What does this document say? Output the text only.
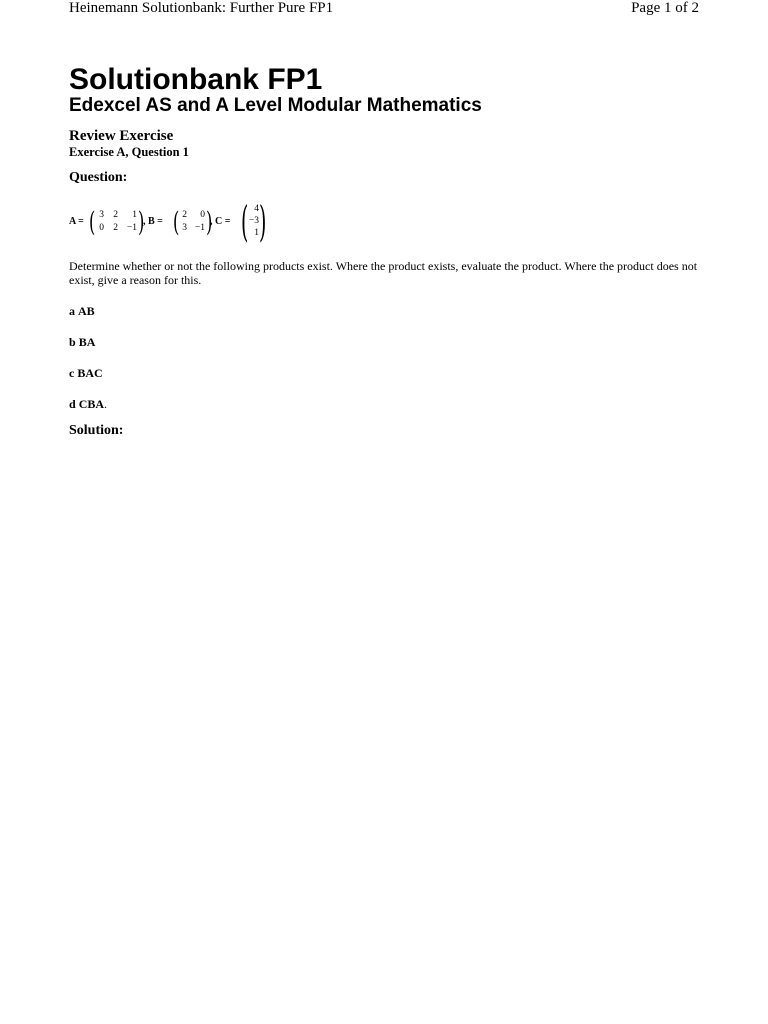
Heinemann Solutionbank: Further Pure FP1	Page 1 of 2
Solutionbank FP1
Edexcel AS and A Level Modular Mathematics
Review Exercise
Exercise A, Question 1
Question:
A = ( 3 2	1
0 2 −1 )
, B = ( 2	0
3 −1 )
, C = ( 4
−3
1 )

Determine whether or not the following products exist. Where the product exists, evaluate the product. Where the product does not exist, give a reason for this.

a AB
b BA
c BAC
d CBA.
Solution:
